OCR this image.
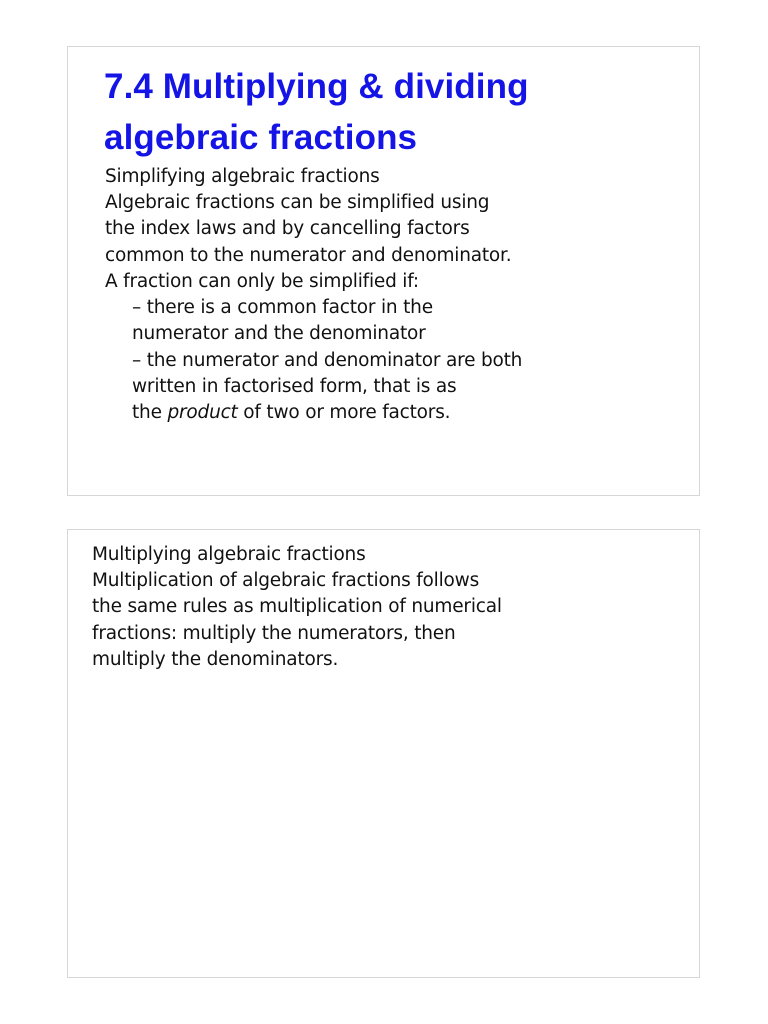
7.4 Multiplying & dividing
algebraic fractions

Simplifying algebraic fractions

Algebraic fractions can be simplified using

the index laws and by cancelling factors

common to the numerator and denominator.

A fraction can only be simplified if:

– there is a common factor in the

numerator and the denominator

– the numerator and denominator are both

written in factorised form, that is as

the product of two or more factors.

Multiplying algebraic fractions

Multiplication of algebraic fractions follows

the same rules as multiplication of numerical

fractions: multiply the numerators, then

multiply the denominators.
